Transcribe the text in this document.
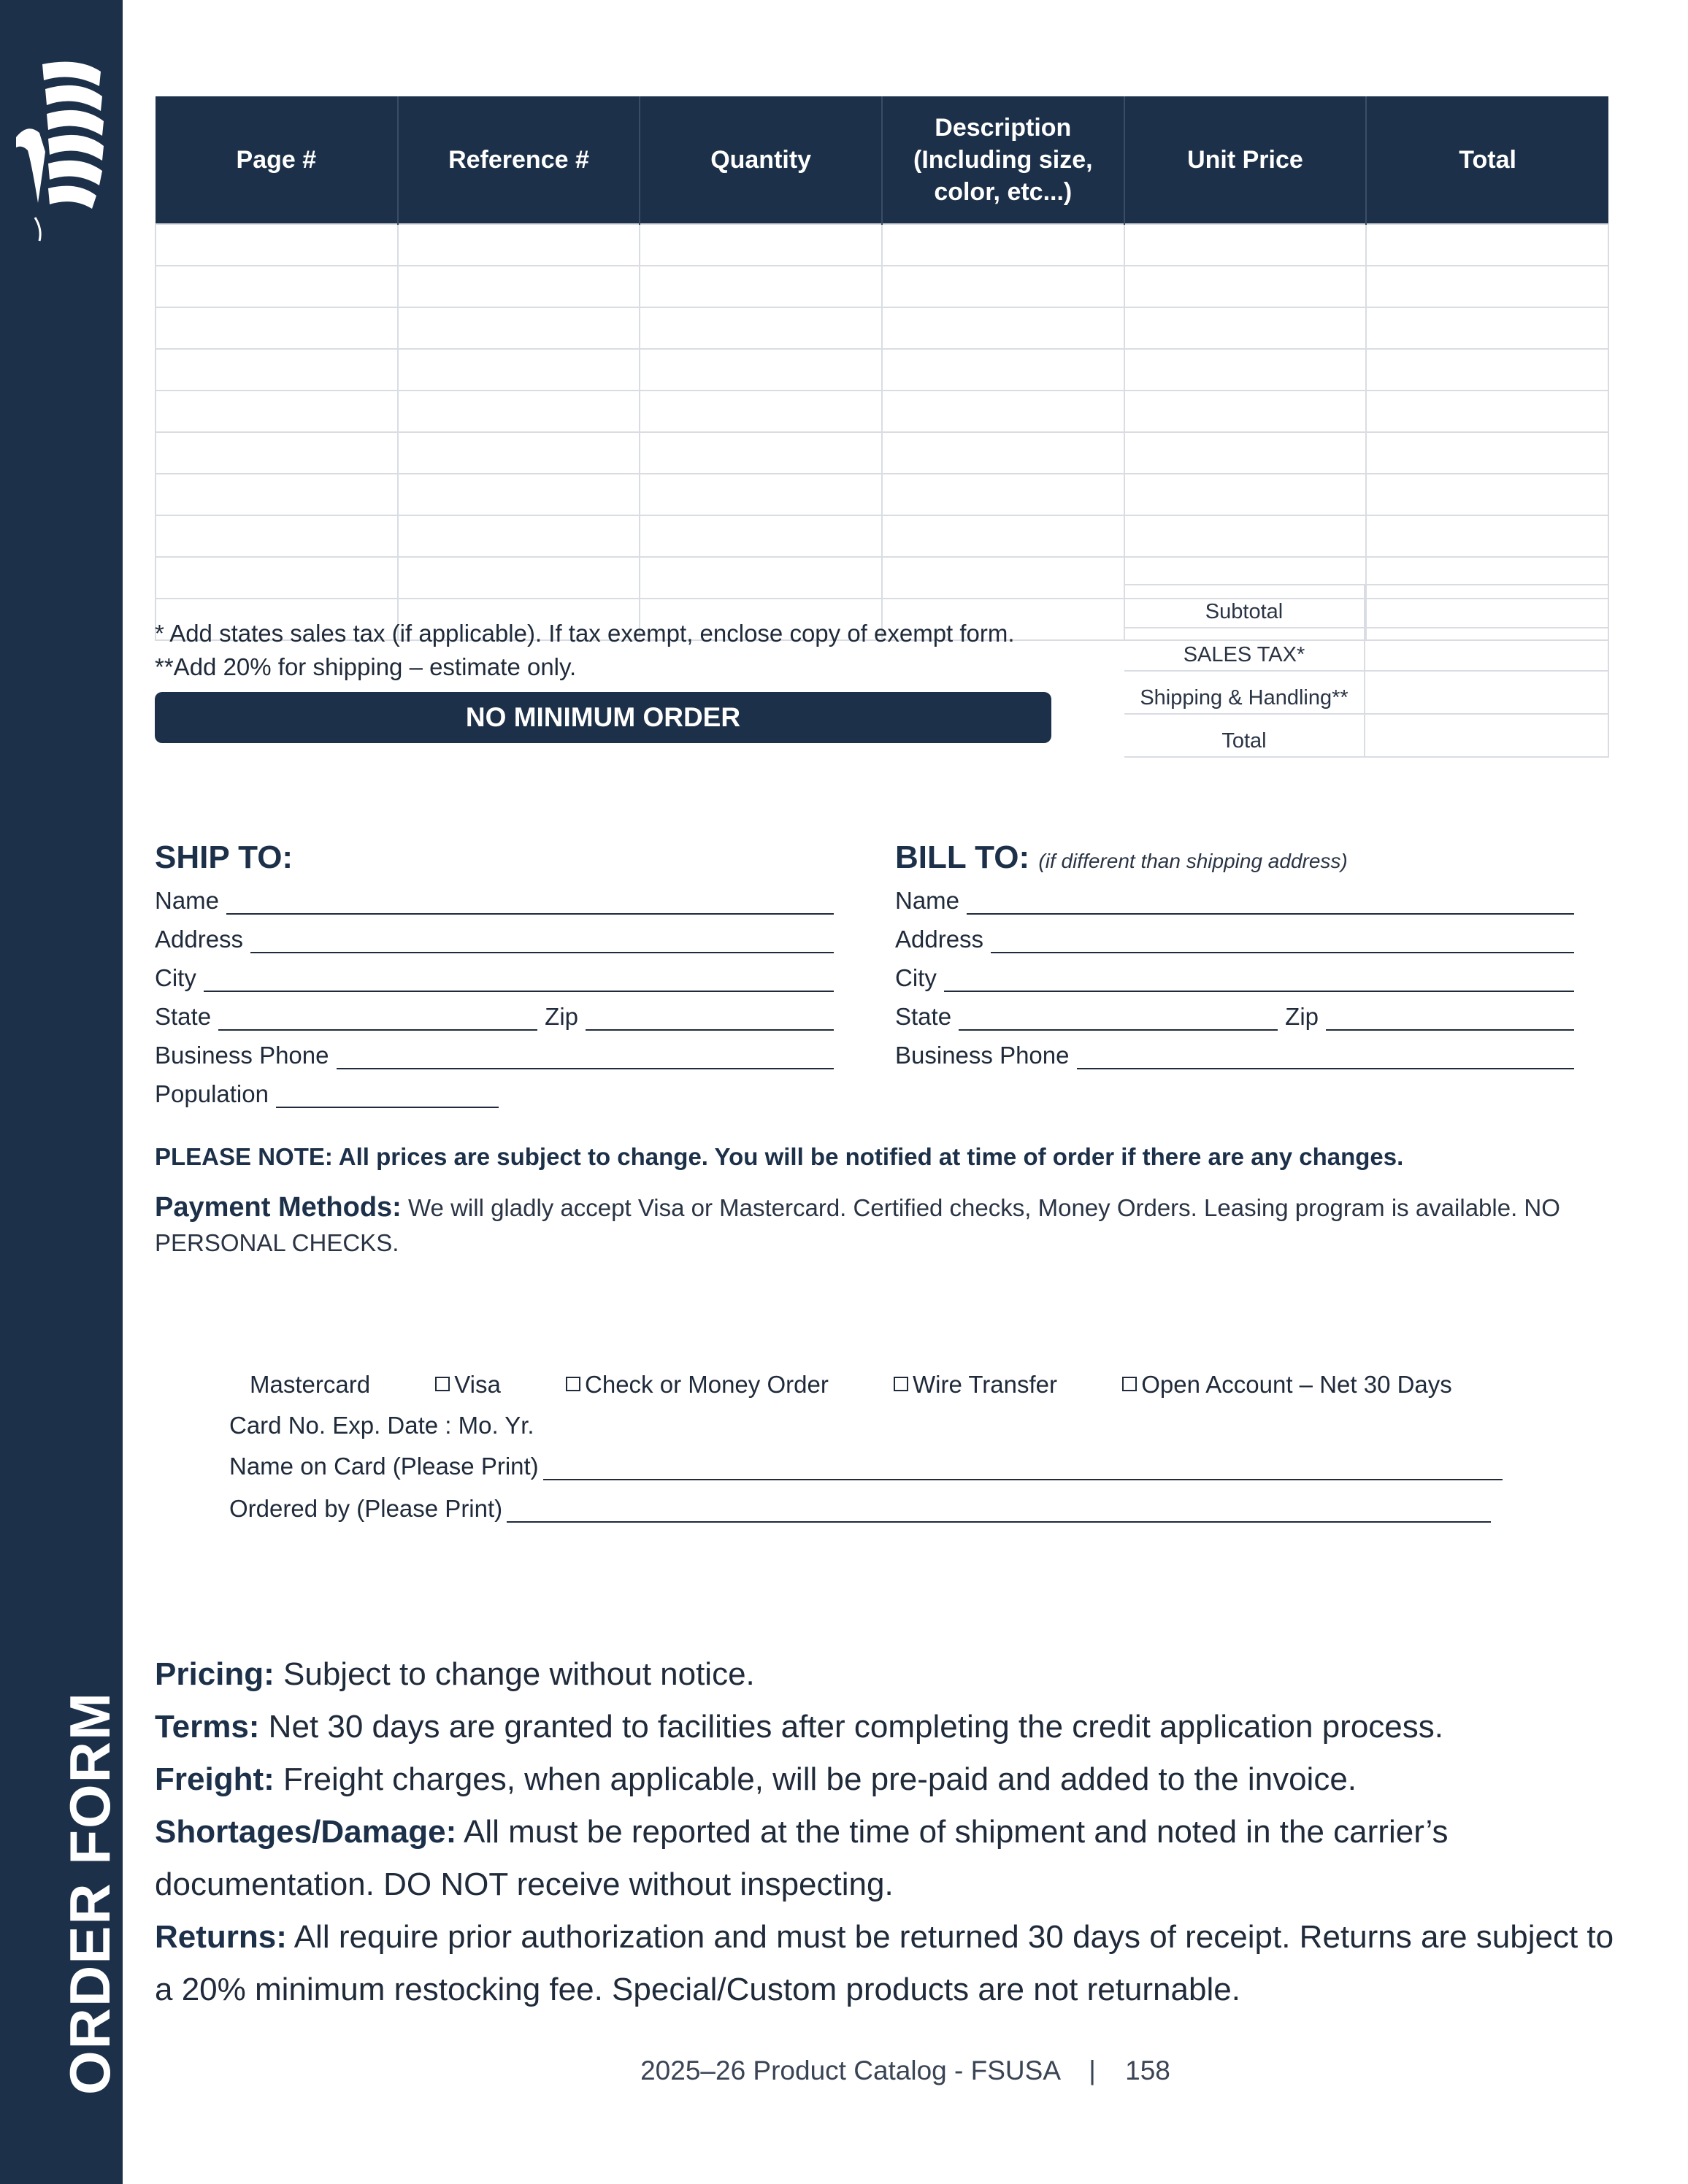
ORDER FORM
Page #	Reference #	Quantity	Description (Including size, color, etc...)	Unit Price	Total

* Add states sales tax (if applicable). If tax exempt, enclose copy of exempt form.
**Add 20% for shipping – estimate only.
NO MINIMUM ORDER
Subtotal	
SALES TAX*	
Shipping & Handling**	
Total	
SHIP TO:
Name
Address
City
State	Zip
Business Phone
Population
BILL TO: (if different than shipping address)
Name
Address
City
State	Zip
Business Phone
PLEASE NOTE: All prices are subject to change. You will be notified at time of order if there are any changes.
Payment Methods: We will gladly accept Visa or Mastercard. Certified checks, Money Orders. Leasing program is available. NO PERSONAL CHECKS.
Mastercard	Visa	Check or Money Order	Wire Transfer	Open Account – Net 30 Days
Card No. Exp. Date : Mo. Yr.
Name on Card (Please Print)
Ordered by (Please Print)
Pricing: Subject to change without notice.
Terms: Net 30 days are granted to facilities after completing the credit application process.
Freight: Freight charges, when applicable, will be pre-paid and added to the invoice.
Shortages/Damage: All must be reported at the time of shipment and noted in the carrier’s documentation. DO NOT receive without inspecting.
Returns: All require prior authorization and must be returned 30 days of receipt. Returns are subject to a 20% minimum restocking fee. Special/Custom products are not returnable.
2025–26 Product Catalog - FSUSA | 158
